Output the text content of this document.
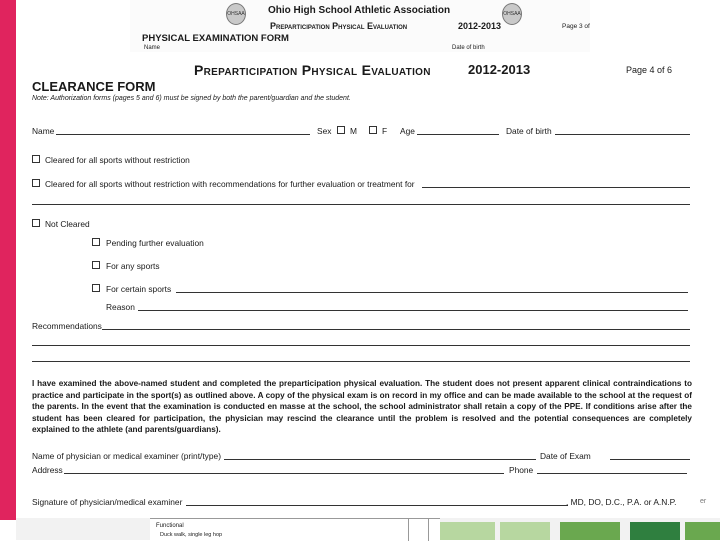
OHSAA	OHSAA
Ohio High School Athletic Association
Preparticipation Physical Evaluation	2012-2013	Page 3 of
PHYSICAL EXAMINATION FORM
Name	Date of birth
Preparticipation Physical Evaluation	2012-2013	Page 4 of 6
CLEARANCE FORM
Note: Authorization forms (pages 5 and 6) must be signed by both the parent/guardian and the student.
Name	Sex M	F Age	Date of birth
Cleared for all sports without restriction
Cleared for all sports without restriction with recommendations for further evaluation or treatment for
Not Cleared
Pending further evaluation
For any sports
For certain sports
Reason
Recommendations
I have examined the above-named student and completed the preparticipation physical evaluation. The student does not present apparent clinical contraindications to practice and participate in the sport(s) as outlined above. A copy of the physical exam is on record in my office and can be made available to the school at the request of the parents. In the event that the examination is conducted en masse at the school, the school administrator shall retain a copy of the PPE. If conditions arise after the student has been cleared for participation, the physician may rescind the clearance until the problem is resolved and the potential consequences are completely explained to the athlete (and parents/guardians).
Name of physician or medical examiner (print/type)	Date of Exam
Address	Phone
Signature of physician/medical examiner	, MD, DO, D.C., P.A. or A.N.P.	er
Functional
Duck walk, single leg hop
